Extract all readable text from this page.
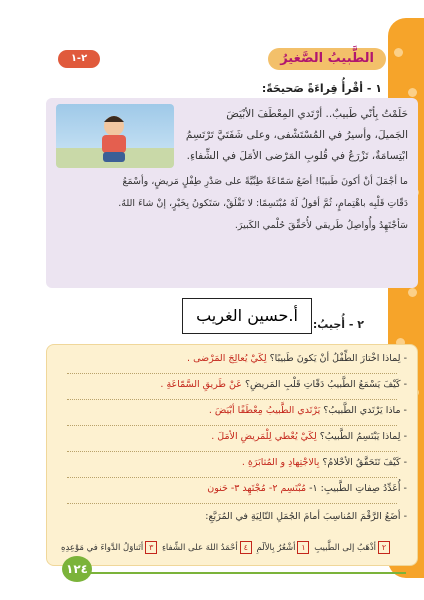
الطَّبيبُ الصَّغيرُ
٢-١
١ - أقْرأُ قِراءَةً صَحيحَةً:
حَلَمْتُ بِأنّي طَبيبٌ.. أرْتَدي المِعْطَفَ الأبْيَضَ
الجَميلَ، وأسيرُ في المُسْتَشْفى، وعلى شَفَتَيَّ تَرْتَسِمُ
ابْتِسامَةٌ، تَزْرَعُ في قُلوبِ المَرْضى الأمَلَ في الشِّفاءِ.
ما أجْمَلَ أنْ أكونَ طَبيبًا! أضَعُ سَمّاعَةً طِبِّيَّةً على صَدْرِ طِفْلٍ مَريضٍ، وأسْمَعُ
دَقّاتِ قَلْبِه باهْتِمامٍ، ثُمَّ أقولُ لَهُ مُبْتَسِمًا: لا تَقْلَقْ، سَتَكونُ بِخَيْرٍ، إنْ شاءَ اللهُ.
سَأجْتَهِدُ وأُواصِلُ طَريقي لأُحَقِّقَ حُلْمي الكَبيرَ.
أ.حسين الغريب	٢ - أُجيبُ:
- لِماذا اخْتارَ الطِّفْلُ أنْ يَكونَ طَبيبًا؟ لِكَيْ يُعالِجَ المَرْضى .
- كَيْفَ يَسْمَعُ الطَّبيبُ دَقّاتِ قَلْبِ المَريضِ؟ عَنْ طَريقِ السَّمّاعَةِ .
- ماذا يَرْتَدي الطَّبيبُ؟ يَرْتَدي الطَّبيبُ مِعْطَفًا أبْيَضَ .
- لِماذا يَبْتَسِمُ الطَّبيبُ؟ لِكَيْ يُعْطي لِلْمَريضِ الأمَلَ .
- كَيْفَ تَتَحَقَّقُ الأحْلامُ؟ بِالاجْتِهادِ و المُثابَرَةِ .
- أُعَدِّدُ صِفاتِ الطَّبيبِ: ١- مُبْتَسِم ٢- مُجْتَهِد ٣- حَنون
- أضَعُ الرَّقْمَ المُناسِبَ أمامَ الجُمَلِ التّالِيَةِ في المُرَبَّعِ:
٢أذْهَبُ إلى الطَّبيبِ ١أشْعُرُ بِالألَمِ ٤أحْمَدُ اللهَ على الشِّفاءِ ٣أتَناوَلُ الدَّواءَ في مَوْعِدِهِ
١٢٤
